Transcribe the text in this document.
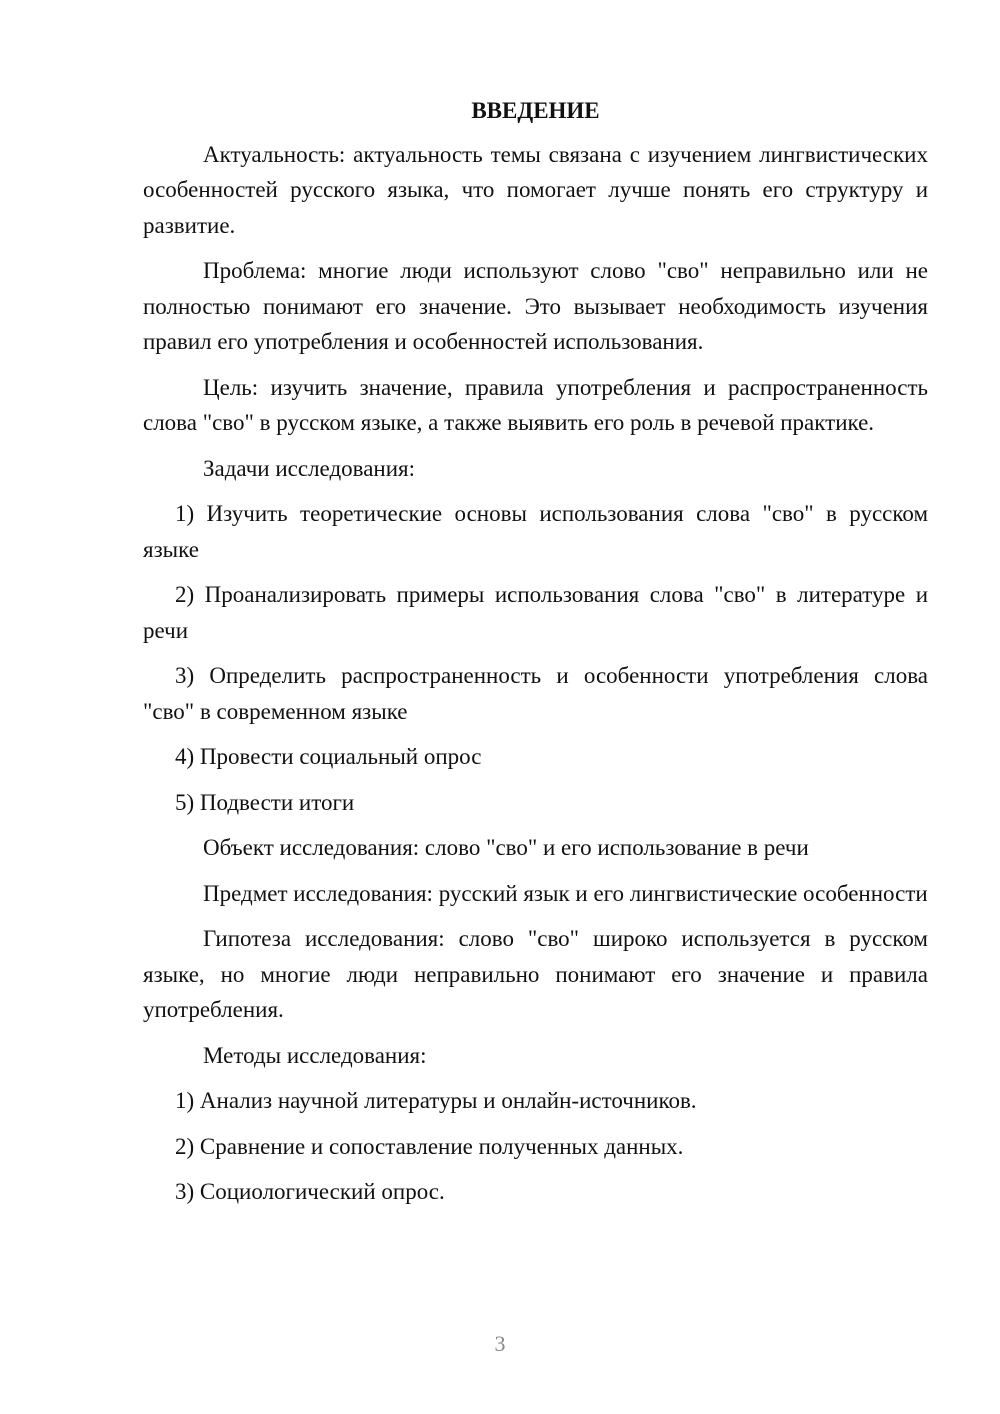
ВВЕДЕНИЕ

Актуальность: актуальность темы связана с изучением лингвистических особенностей русского языка, что помогает лучше понять его структуру и развитие.

Проблема: многие люди используют слово "сво" неправильно или не полностью понимают его значение. Это вызывает необходимость изучения правил его употребления и особенностей использования.

Цель: изучить значение, правила употребления и распространенность слова "сво" в русском языке, а также выявить его роль в речевой практике.

Задачи исследования:

1) Изучить теоретические основы использования слова "сво" в русском языке

2) Проанализировать примеры использования слова "сво" в литературе и речи

3) Определить распространенность и особенности употребления слова "сво" в современном языке

4) Провести социальный опрос

5) Подвести итоги

Объект исследования: слово "сво" и его использование в речи

Предмет исследования: русский язык и его лингвистические особенности

Гипотеза исследования: слово "сво" широко используется в русском языке, но многие люди неправильно понимают его значение и правила употребления.

Методы исследования:

1) Анализ научной литературы и онлайн-источников.

2) Сравнение и сопоставление полученных данных.

3) Социологический опрос.

3
